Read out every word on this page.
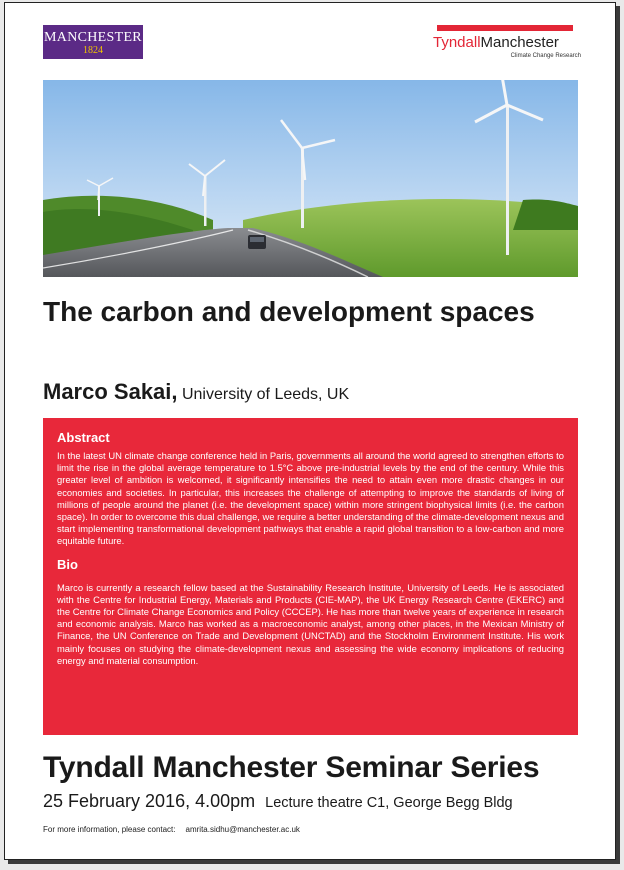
MANCHESTER
1824	TyndallManchester
Climate Change Research
The carbon and development spaces

Marco Sakai, University of Leeds, UK

Abstract

In the latest UN climate change conference held in Paris, governments all around the world agreed to strengthen efforts to limit the rise in the global average temperature to 1.5°C above pre-industrial levels by the end of the century. While this greater level of ambition is welcomed, it significantly intensifies the need to attain even more drastic changes in our economies and societies. In particular, this increases the challenge of attempting to improve the standards of living of millions of people around the planet (i.e. the development space) within more stringent biophysical limits (i.e. the carbon space). In order to overcome this dual challenge, we require a better understanding of the climate-development nexus and start implementing transformational development pathways that enable a rapid global transition to a low-carbon and more equitable future.

Bio

Marco is currently a research fellow based at the Sustainability Research Institute, University of Leeds. He is associated with the Centre for Industrial Energy, Materials and Products (CIE-MAP), the UK Energy Research Centre (EKERC) and the Centre for Climate Change Economics and Policy (CCCEP). He has more than twelve years of experience in research and economic analysis. Marco has worked as a macroeconomic analyst, among other places, in the Mexican Ministry of Finance, the UN Conference on Trade and Development (UNCTAD) and the Stockholm Environment Institute. His work mainly focuses on studying the climate-development nexus and assessing the wide economy implications of reducing energy and material consumption.

Tyndall Manchester Seminar Series

25 February 2016, 4.00pm Lecture theatre C1, George Begg Bldg

For more information, please contact: amrita.sidhu@manchester.ac.uk
